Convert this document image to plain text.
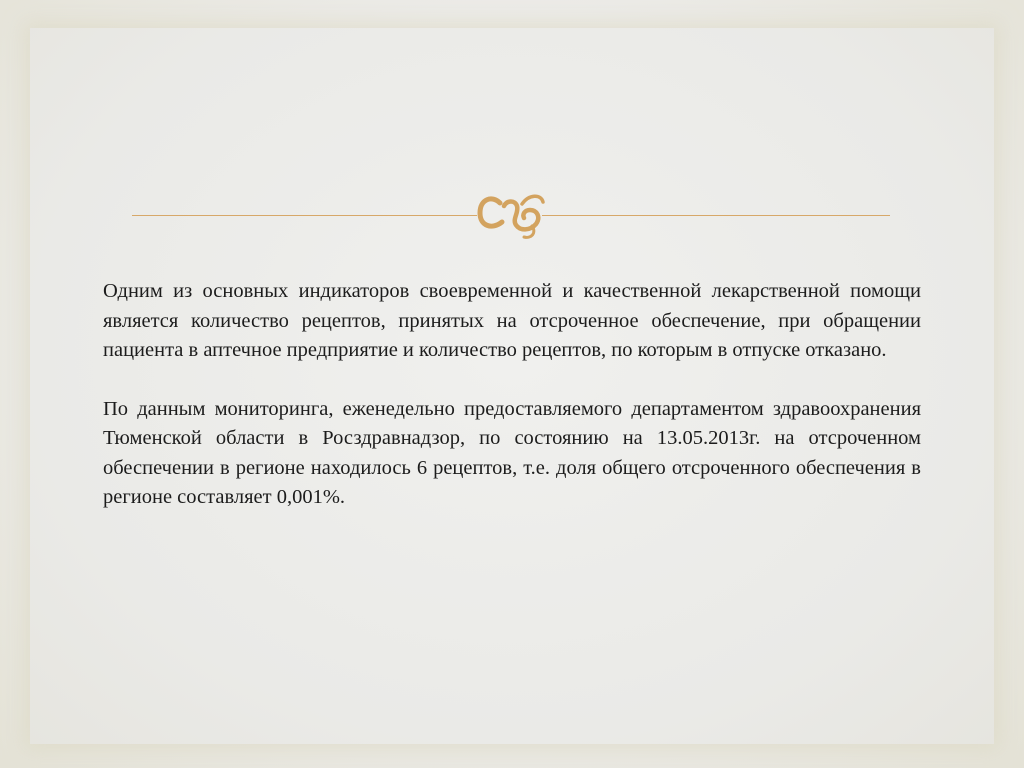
Одним из основных индикаторов своевременной и качественной лекарственной помощи является количество рецептов, принятых на отсроченное обеспечение, при обращении пациента в аптечное предприятие и количество рецептов, по которым в отпуске отказано.

По данным мониторинга, еженедельно предоставляемого департаментом здравоохранения Тюменской области в Росздравнадзор, по состоянию на 13.05.2013г. на отсроченном обеспечении в регионе находилось 6 рецептов, т.е. доля общего отсроченного обеспечения в регионе составляет 0,001%.
